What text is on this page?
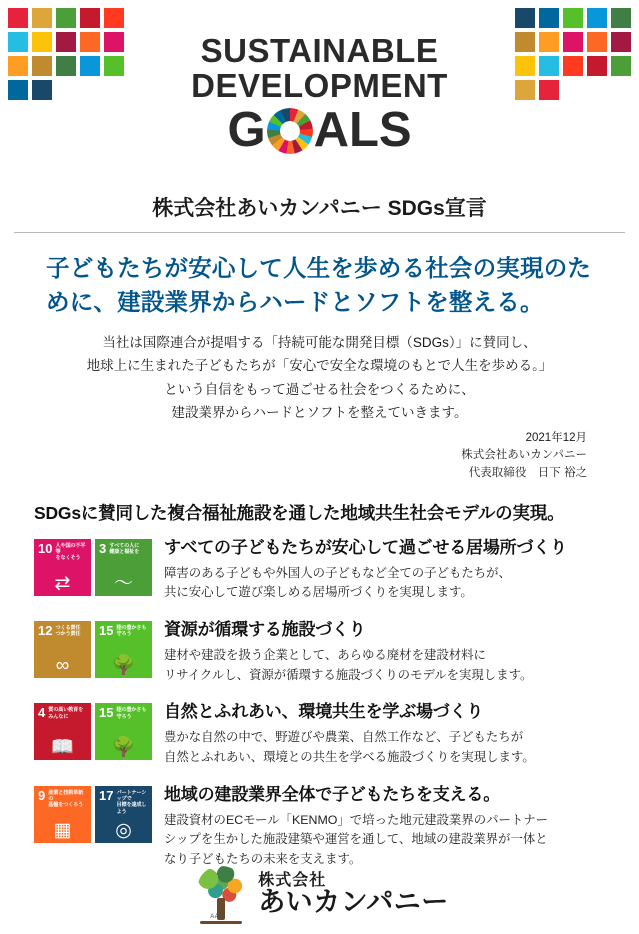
SUSTAINABLE
DEVELOPMENT
G ALS
株式会社あいカンパニー SDGs宣言
子どもたちが安心して人生を歩める社会の実現のために、建設業界からハードとソフトを整える。
当社は国際連合が提唱する「持続可能な開発目標（SDGs）」に賛同し、
地球上に生まれた子どもたちが「安心で安全な環境のもとで人生を歩める。」
という自信をもって過ごせる社会をつくるために、
建設業界からハードとソフトを整えていきます。
2021年12月
株式会社あいカンパニー
代表取締役　日下 裕之
SDGsに賛同した複合福祉施設を通した地域共生社会モデルの実現。
10 人や国の不平等
をなくそう
⇄
3 すべての人に
健康と福祉を
〜
すべての子どもたちが安心して過ごせる居場所づくり
障害のある子どもや外国人の子どもなど全ての子どもたちが、
共に安心して遊び楽しめる居場所づくりを実現します。
12 つくる責任
つかう責任
∞
15 陸の豊かさも
守ろう
🌳
資源が循環する施設づくり
建材や建設を扱う企業として、あらゆる廃材を建設材料に
リサイクルし、資源が循環する施設づくりのモデルを実現します。
4 質の高い教育を
みんなに
📖
15 陸の豊かさも
守ろう
🌳
自然とふれあい、環境共生を学ぶ場づくり
豊かな自然の中で、野遊びや農業、自然工作など、子どもたちが
自然とふれあい、環境との共生を学べる施設づくりを実現します。
9 産業と技術革新の
基盤をつくろう
▦
17 パートナーシップで
目標を達成しよう
◎
地域の建設業界全体で子どもたちを支える。
建設資材のECモール「KENMO」で培った地元建設業界のパートナー
シップを生かした施設建築や運営を通して、地域の建設業界が一体と
なり子どもたちの未来を支えます。
AAC
株式会社
あいカンパニー
